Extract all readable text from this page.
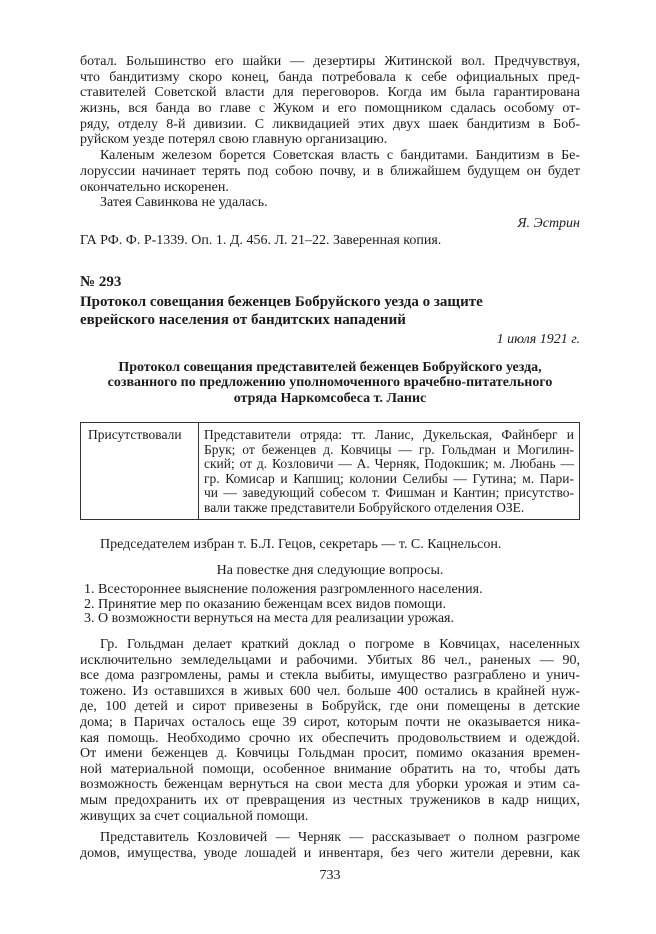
ботал. Большинство его шайки — дезертиры Житинской вол. Предчувствуя,
что бандитизму скоро конец, банда потребовала к себе официальных пред-
ставителей Советской власти для переговоров. Когда им была гарантирована
жизнь, вся банда во главе с Жуком и его помощником сдалась особому от-
ряду, отделу 8-й дивизии. С ликвидацией этих двух шаек бандитизм в Боб-
руйском уезде потерял свою главную организацию.
Каленым железом борется Советская власть с бандитами. Бандитизм в Бе-
лоруссии начинает терять под собою почву, и в ближайшем будущем он будет
окончательно искоренен.
Затея Савинкова не удалась.
Я. Эстрин
ГА РФ. Ф. Р-1339. Оп. 1. Д. 456. Л. 21–22. Заверенная копия.
№ 293
Протокол совещания беженцев Бобруйского уезда о защите
еврейского населения от бандитских нападений
1 июля 1921 г.
Протокол совещания представителей беженцев Бобруйского уезда,
созванного по предложению уполномоченного врачебно-питательного
отряда Наркомсобеса т. Ланис
Присутствовали	Представители отряда: тт. Ланис, Дукельская, Файнберг и
Брук; от беженцев д. Ковчицы — гр. Гольдман и Могилин-
ский; от д. Козловичи — А. Черняк, Подокшик; м. Любань —
гр. Комисар и Капшиц; колонии Селибы — Гутина; м. Пари-
чи — заведующий собесом т. Фишман и Кантин; присутство-
вали также представители Бобруйского отделения ОЗЕ.
Председателем избран т. Б.Л. Гецов, секретарь — т. С. Кацнельсон.
На повестке дня следующие вопросы.
1. Всестороннее выяснение положения разгромленного населения.
2. Принятие мер по оказанию беженцам всех видов помощи.
3. О возможности вернуться на места для реализации урожая.
Гр. Гольдман делает краткий доклад о погроме в Ковчицах, населенных
исключительно земледельцами и рабочими. Убитых 86 чел., раненых — 90,
все дома разгромлены, рамы и стекла выбиты, имущество разграблено и унич-
тожено. Из оставшихся в живых 600 чел. больше 400 остались в крайней нуж-
де, 100 детей и сирот привезены в Бобруйск, где они помещены в детские
дома; в Паричах осталось еще 39 сирот, которым почти не оказывается ника-
кая помощь. Необходимо срочно их обеспечить продовольствием и одеждой.
От имени беженцев д. Ковчицы Гольдман просит, помимо оказания времен-
ной материальной помощи, особенное внимание обратить на то, чтобы дать
возможность беженцам вернуться на свои места для уборки урожая и этим са-
мым предохранить их от превращения из честных тружеников в кадр нищих,
живущих за счет социальной помощи.
Представитель Козловичей — Черняк — рассказывает о полном разгроме
домов, имущества, уводе лошадей и инвентаря, без чего жители деревни, как
733
